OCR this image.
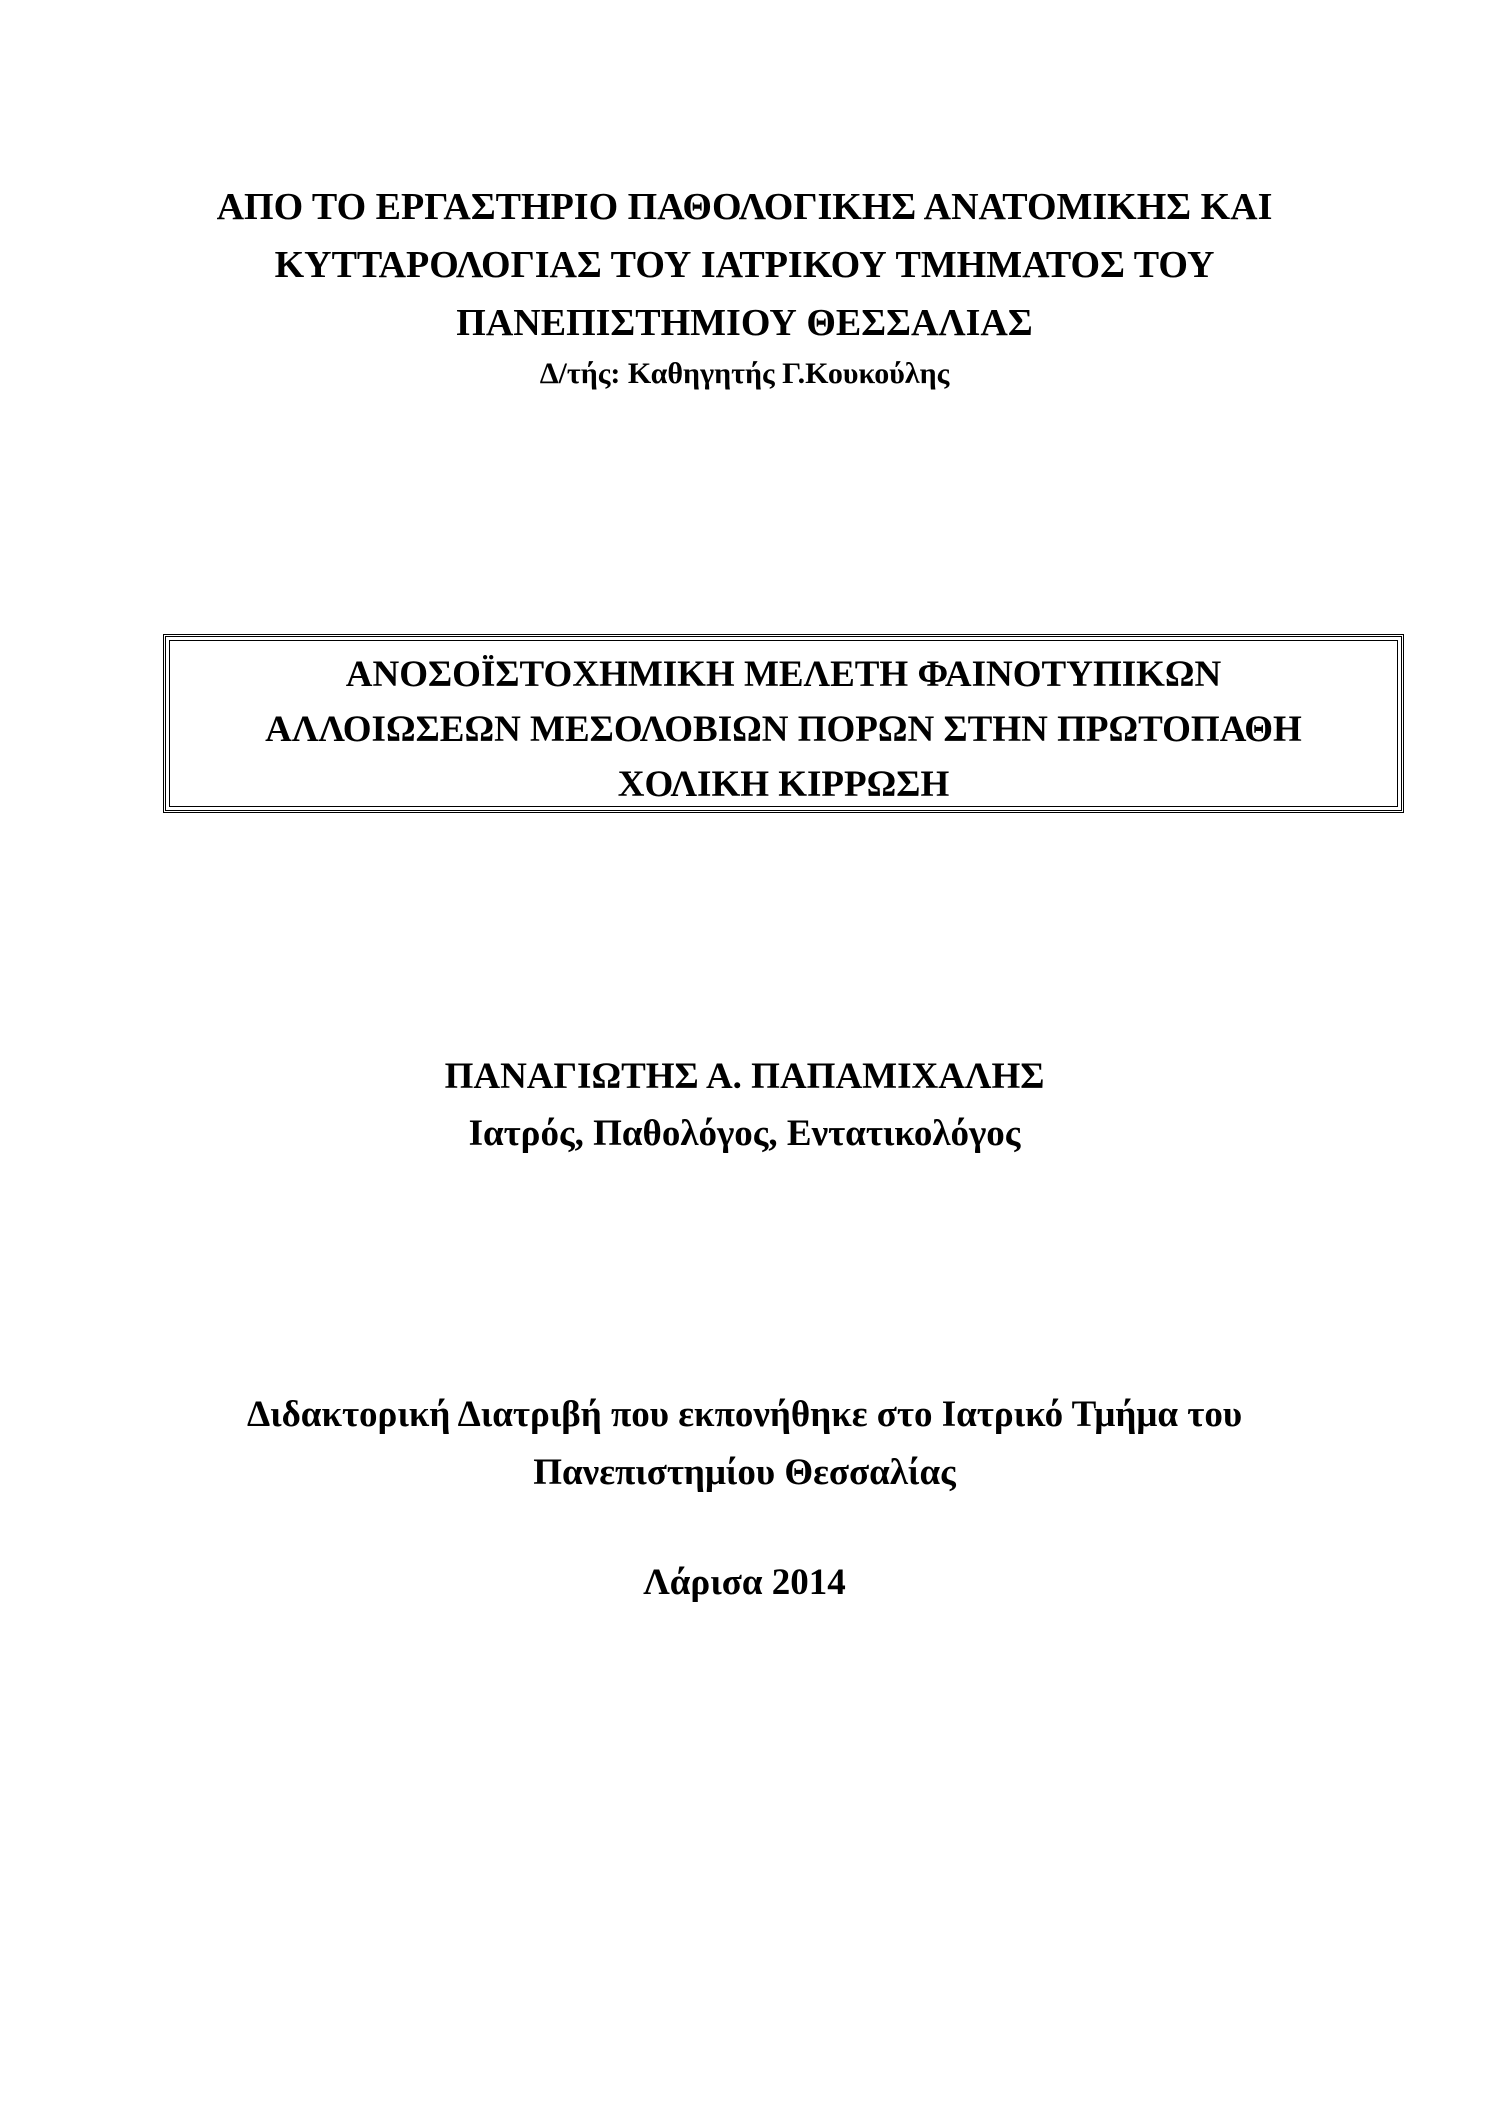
ΑΠΟ ΤΟ ΕΡΓΑΣΤΗΡΙΟ ΠΑΘΟΛΟΓΙΚΗΣ ΑΝΑΤΟΜΙΚΗΣ ΚΑΙ
ΚΥΤΤΑΡΟΛΟΓΙΑΣ ΤΟΥ ΙΑΤΡΙΚΟΥ ΤΜΗΜΑΤΟΣ ΤΟΥ
ΠΑΝΕΠΙΣΤΗΜΙΟΥ ΘΕΣΣΑΛΙΑΣ
Δ/τής: Καθηγητής Γ.Κουκούλης
ΑΝΟΣΟΪΣΤΟΧΗΜΙΚΗ ΜΕΛΕΤΗ ΦΑΙΝΟΤΥΠΙΚΩΝ
ΑΛΛΟΙΩΣΕΩΝ ΜΕΣΟΛΟΒΙΩΝ ΠΟΡΩΝ ΣΤΗΝ ΠΡΩΤΟΠΑΘΗ
ΧΟΛΙΚΗ ΚΙΡΡΩΣΗ
ΠΑΝΑΓΙΩΤΗΣ Α. ΠΑΠΑΜΙΧΑΛΗΣ
Ιατρός, Παθολόγος, Εντατικολόγος
Διδακτορική Διατριβή που εκπονήθηκε στο Ιατρικό Τμήμα του
Πανεπιστημίου Θεσσαλίας
Λάρισα 2014
